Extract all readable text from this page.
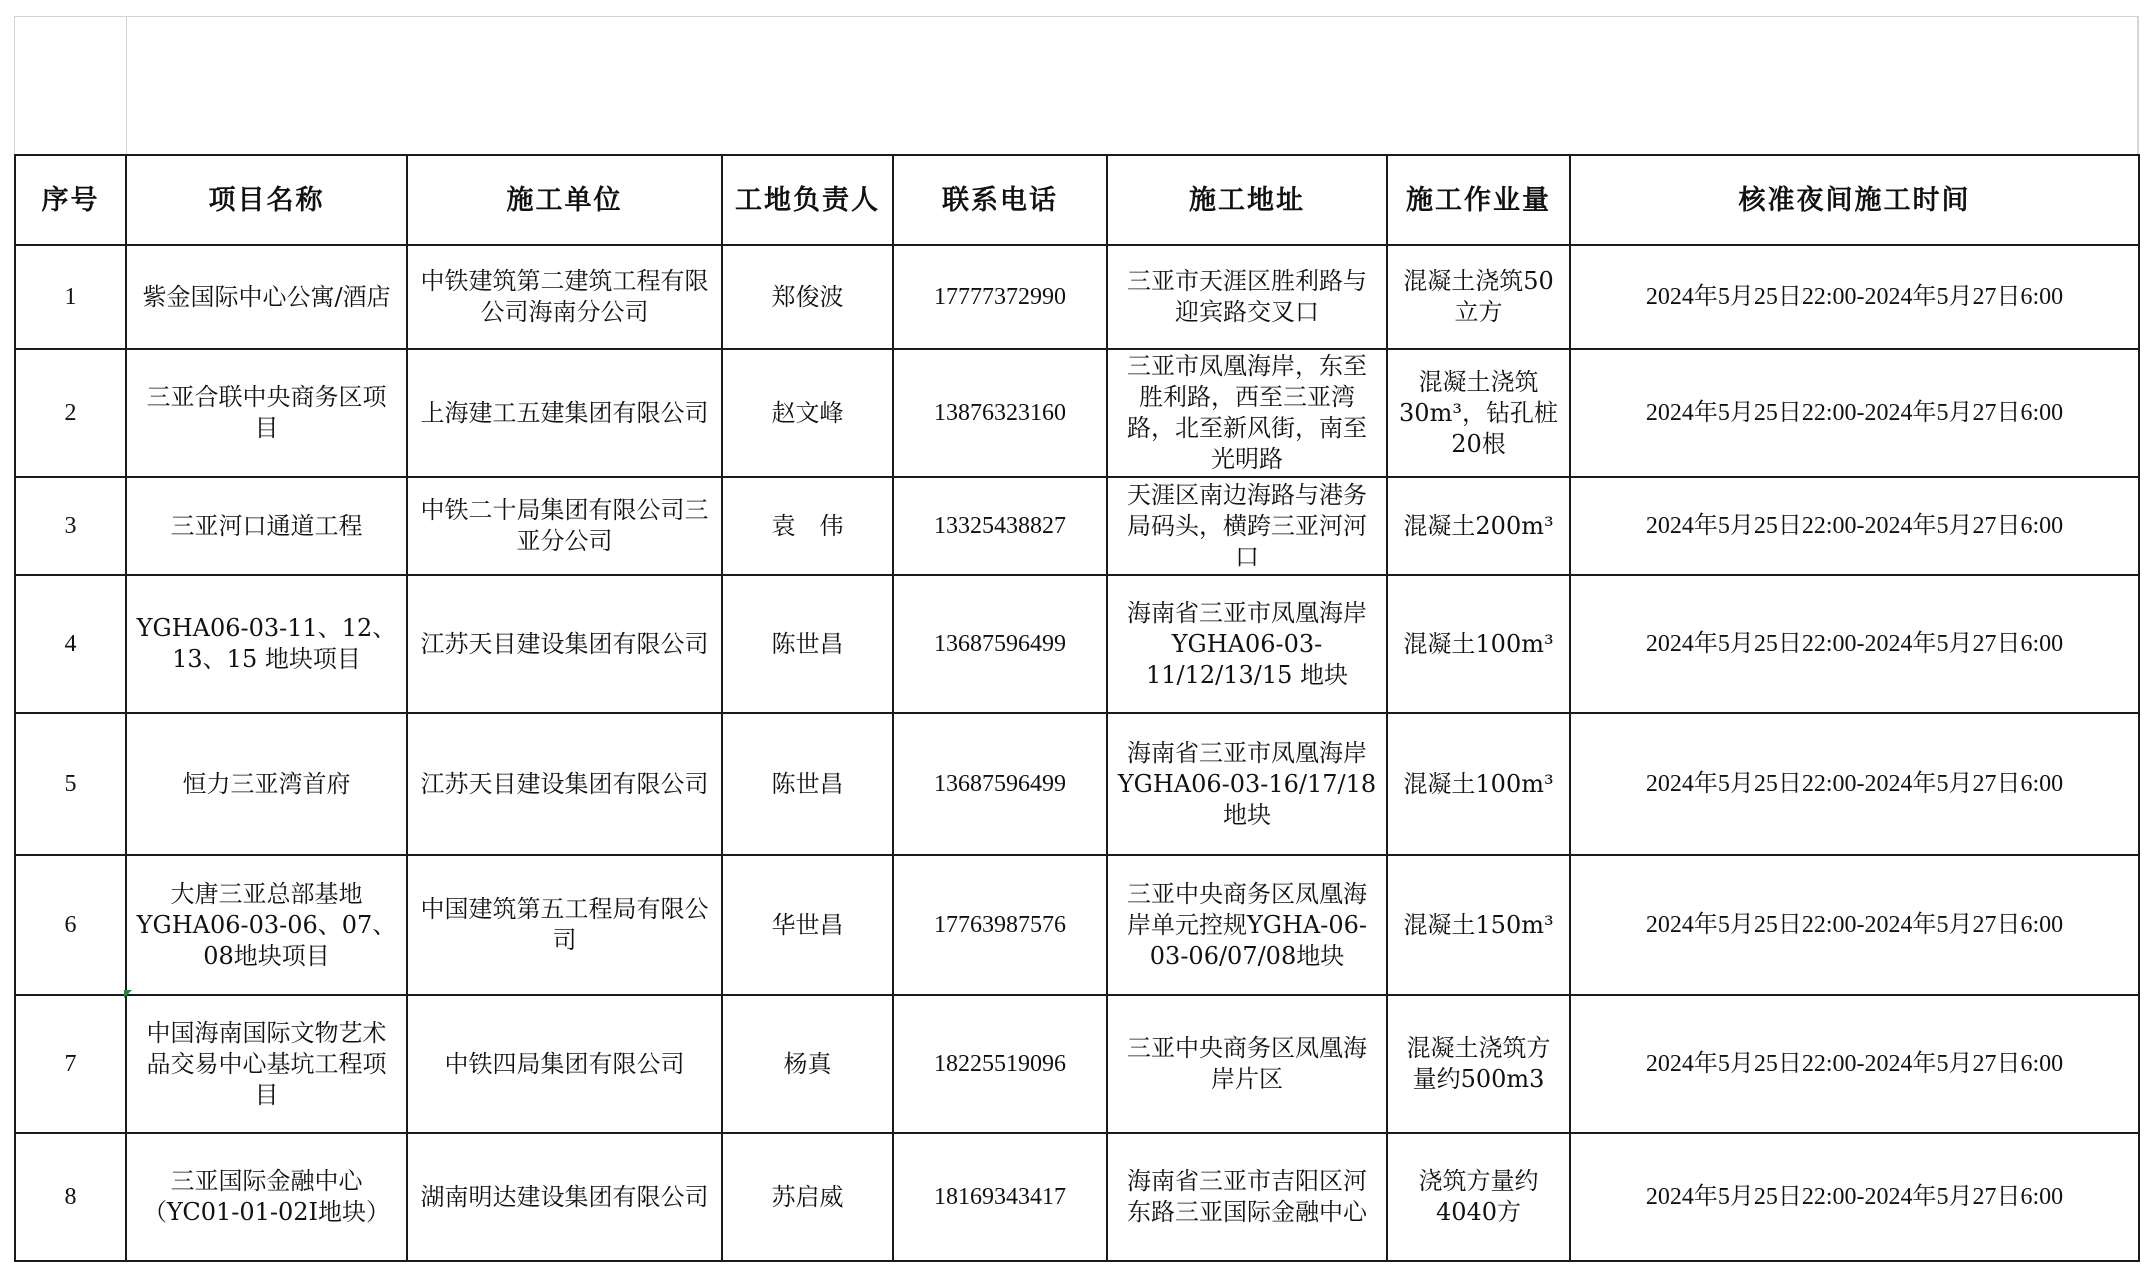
序号	项目名称	施工单位	工地负责人	联系电话	施工地址	施工作业量	核准夜间施工时间
1	紫金国际中心公寓/酒店	中铁建筑第二建筑工程有限公司海南分公司	郑俊波	17777372990	三亚市天涯区胜利路与迎宾路交叉口	混凝土浇筑50立方	2024年5月25日22:00-2024年5月27日6:00
2	三亚合联中央商务区项目	上海建工五建集团有限公司	赵文峰	13876323160	三亚市凤凰海岸，东至胜利路，西至三亚湾路，北至新风街，南至光明路	混凝土浇筑30m³，钻孔桩20根	2024年5月25日22:00-2024年5月27日6:00
3	三亚河口通道工程	中铁二十局集团有限公司三亚分公司	袁　伟	13325438827	天涯区南边海路与港务局码头，横跨三亚河河口	混凝土200m³	2024年5月25日22:00-2024年5月27日6:00
4	YGHA06-03-11、12、13、15 地块项目	江苏天目建设集团有限公司	陈世昌	13687596499	海南省三亚市凤凰海岸YGHA06-03-11/12/13/15 地块	混凝土100m³	2024年5月25日22:00-2024年5月27日6:00
5	恒力三亚湾首府	江苏天目建设集团有限公司	陈世昌	13687596499	海南省三亚市凤凰海岸YGHA06-03-16/17/18地块	混凝土100m³	2024年5月25日22:00-2024年5月27日6:00
6	大唐三亚总部基地YGHA06-03-06、07、08地块项目	中国建筑第五工程局有限公司	华世昌	17763987576	三亚中央商务区凤凰海岸单元控规YGHA-06-03-06/07/08地块	混凝土150m³	2024年5月25日22:00-2024年5月27日6:00
7	中国海南国际文物艺术品交易中心基坑工程项目	中铁四局集团有限公司	杨真	18225519096	三亚中央商务区凤凰海岸片区	混凝土浇筑方量约500m3	2024年5月25日22:00-2024年5月27日6:00
8	三亚国际金融中心（YC01-01-02I地块）	湖南明达建设集团有限公司	苏启威	18169343417	海南省三亚市吉阳区河东路三亚国际金融中心	浇筑方量约4040方	2024年5月25日22:00-2024年5月27日6:00
